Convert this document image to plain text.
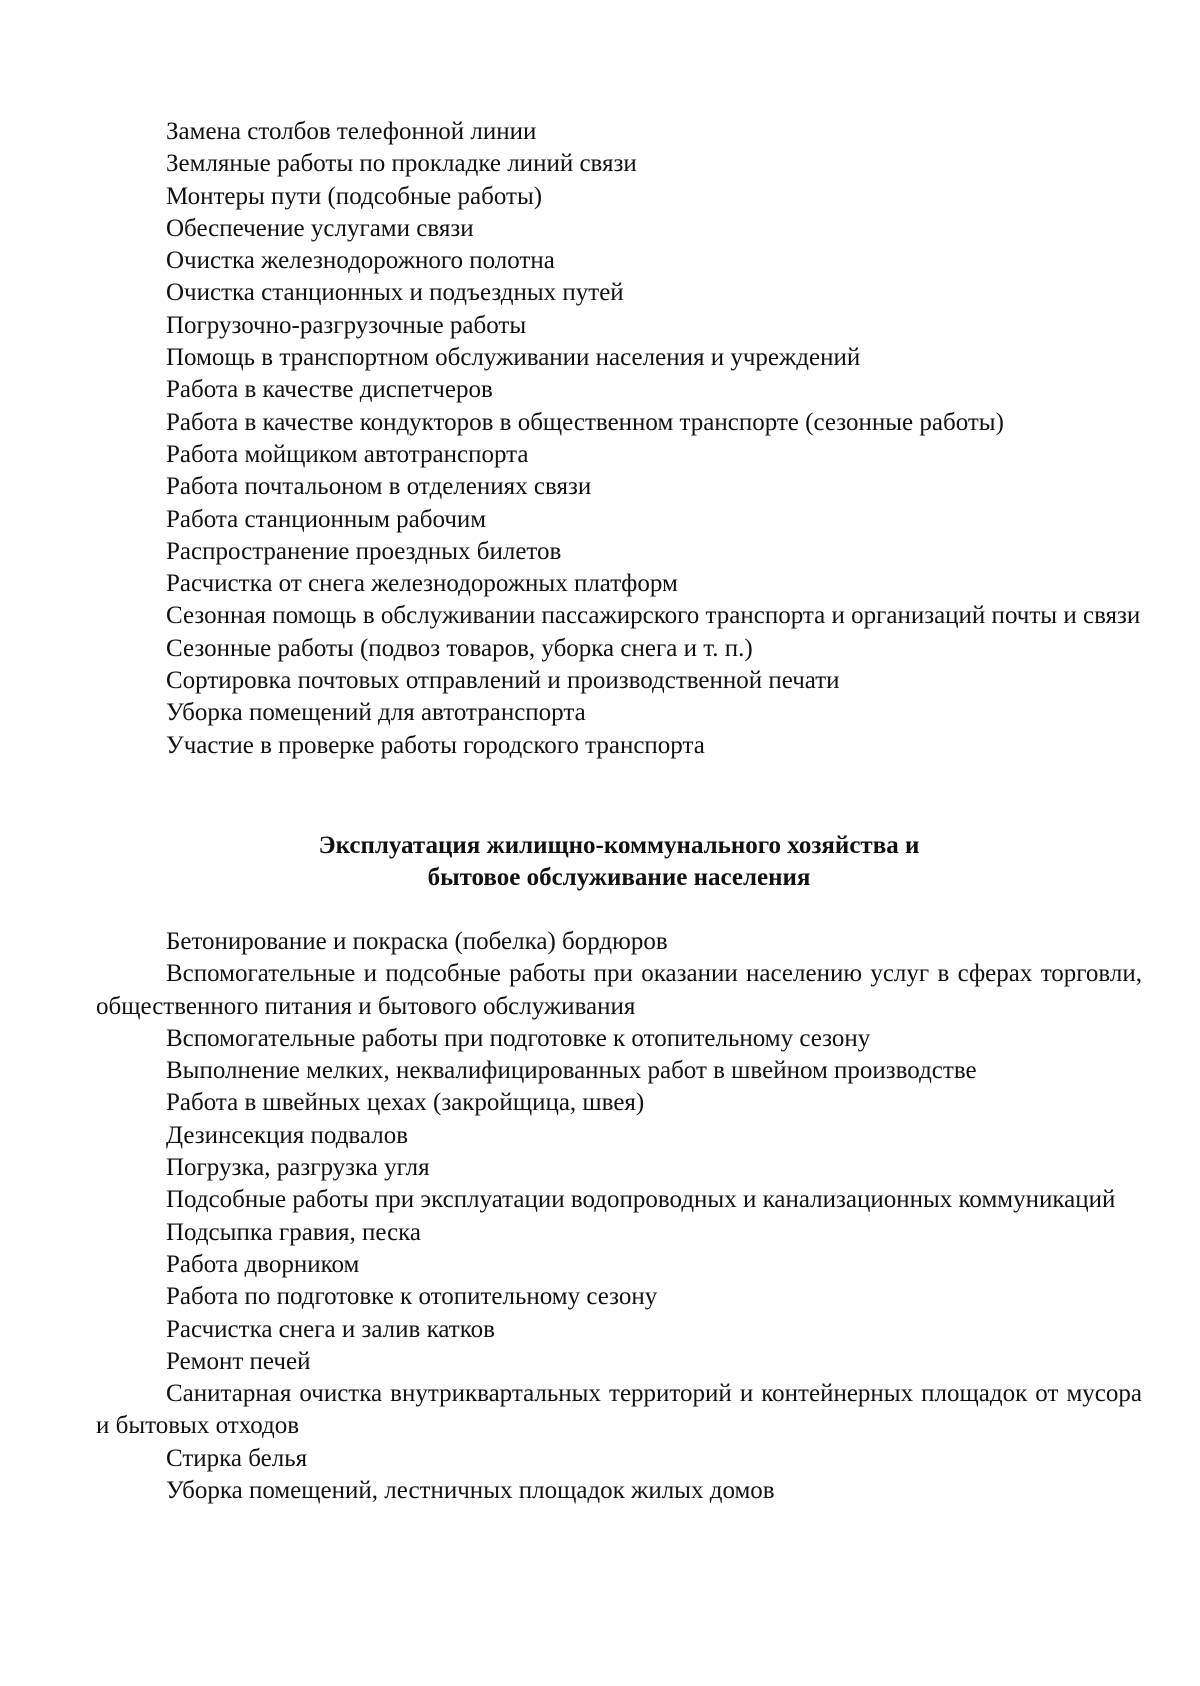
Замена столбов телефонной линии

Земляные работы по прокладке линий связи

Монтеры пути (подсобные работы)

Обеспечение услугами связи

Очистка железнодорожного полотна

Очистка станционных и подъездных путей

Погрузочно-разгрузочные работы

Помощь в транспортном обслуживании населения и учреждений

Работа в качестве диспетчеров

Работа в качестве кондукторов в общественном транспорте (сезонные работы)

Работа мойщиком автотранспорта

Работа почтальоном в отделениях связи

Работа станционным рабочим

Распространение проездных билетов

Расчистка от снега железнодорожных платформ

Сезонная помощь в обслуживании пассажирского транспорта и организаций почты и связи

Сезонные работы (подвоз товаров, уборка снега и т. п.)

Сортировка почтовых отправлений и производственной печати

Уборка помещений для автотранспорта

Участие в проверке работы городского транспорта

Эксплуатация жилищно-коммунального хозяйства и
бытовое обслуживание населения

Бетонирование и покраска (побелка) бордюров

Вспомогательные и подсобные работы при оказании населению услуг в сферах торговли, общественного питания и бытового обслуживания

Вспомогательные работы при подготовке к отопительному сезону

Выполнение мелких, неквалифицированных работ в швейном производстве

Работа в швейных цехах (закройщица, швея)

Дезинсекция подвалов

Погрузка, разгрузка угля

Подсобные работы при эксплуатации водопроводных и канализационных коммуникаций

Подсыпка гравия, песка

Работа дворником

Работа по подготовке к отопительному сезону

Расчистка снега и залив катков

Ремонт печей

Санитарная очистка внутриквартальных территорий и контейнерных площадок от мусора и бытовых отходов

Стирка белья

Уборка помещений, лестничных площадок жилых домов
